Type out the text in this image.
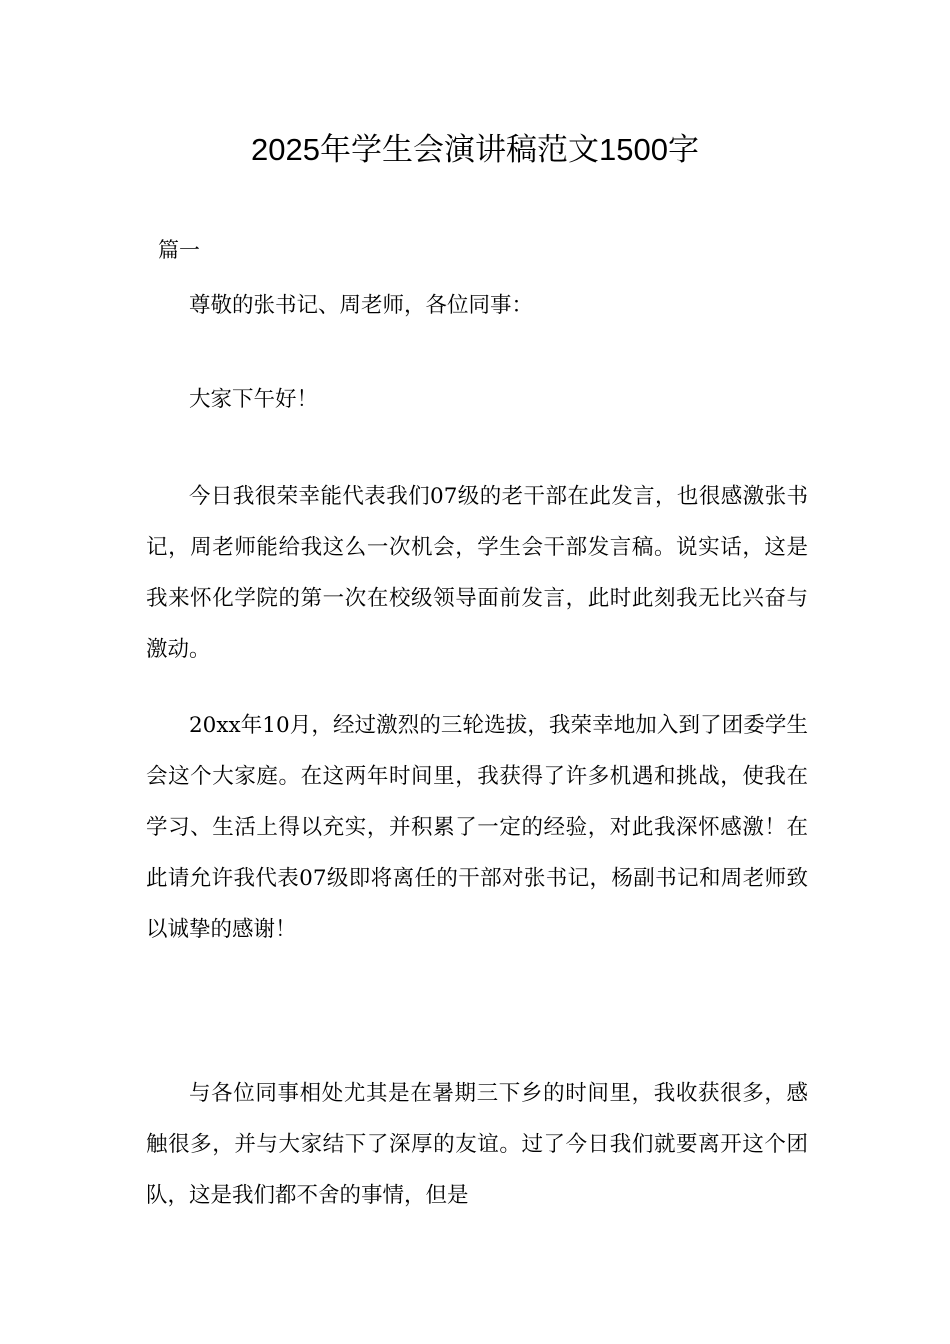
2025年学生会演讲稿范文1500字

篇一

尊敬的张书记、周老师，各位同事：

大家下午好！

今日我很荣幸能代表我们07级的老干部在此发言，也很感激张书记，周老师能给我这么一次机会，学生会干部发言稿。说实话，这是我来怀化学院的第一次在校级领导面前发言，此时此刻我无比兴奋与激动。

20xx年10月，经过激烈的三轮选拔，我荣幸地加入到了团委学生会这个大家庭。在这两年时间里，我获得了许多机遇和挑战，使我在学习、生活上得以充实，并积累了一定的经验，对此我深怀感激！在此请允许我代表07级即将离任的干部对张书记，杨副书记和周老师致以诚挚的感谢！

与各位同事相处尤其是在暑期三下乡的时间里，我收获很多，感触很多，并与大家结下了深厚的友谊。过了今日我们就要离开这个团队，这是我们都不舍的事情，但是
